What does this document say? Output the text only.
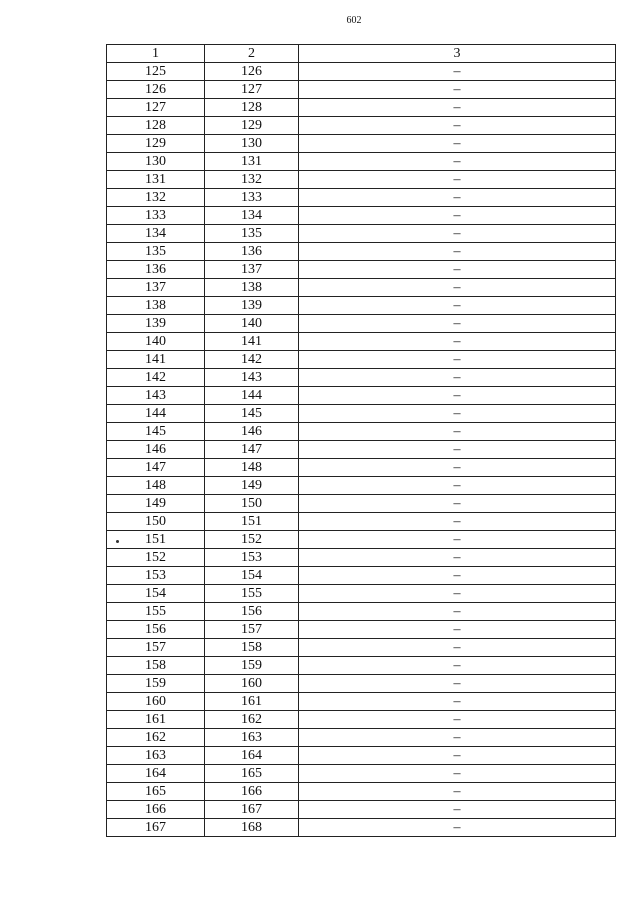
602
1	2	3
125	126	–
126	127	–
127	128	–
128	129	–
129	130	–
130	131	–
131	132	–
132	133	–
133	134	–
134	135	–
135	136	–
136	137	–
137	138	–
138	139	–
139	140	–
140	141	–
141	142	–
142	143	–
143	144	–
144	145	–
145	146	–
146	147	–
147	148	–
148	149	–
149	150	–
150	151	–
151	152	–
152	153	–
153	154	–
154	155	–
155	156	–
156	157	–
157	158	–
158	159	–
159	160	–
160	161	–
161	162	–
162	163	–
163	164	–
164	165	–
165	166	–
166	167	–
167	168	–
